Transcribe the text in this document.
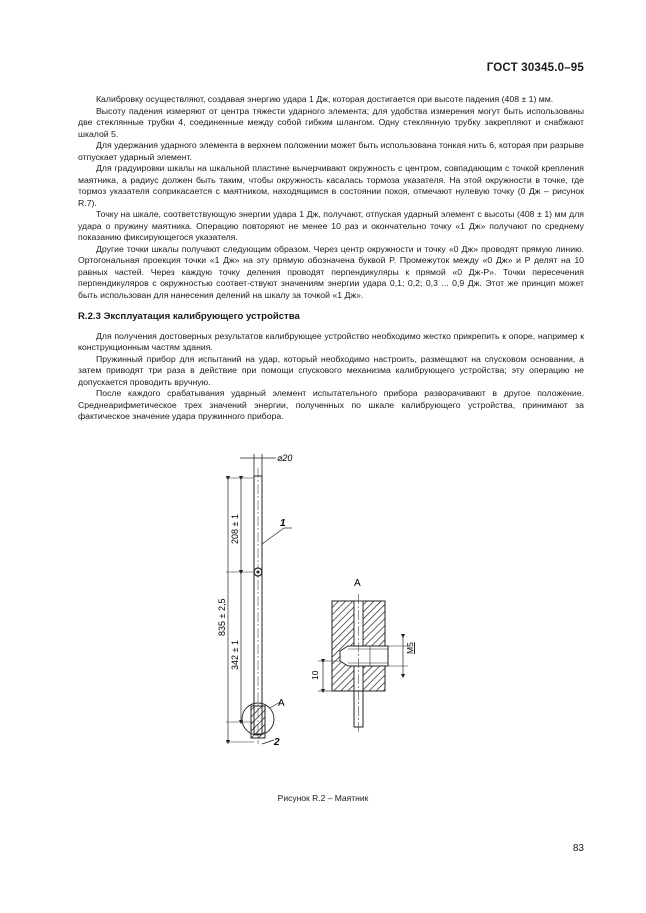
ГОСТ 30345.0–95

Калибровку осуществляют, создавая энергию удара 1 Дж, которая достигается при высоте падения (408 ± 1) мм.

Высоту падения измеряют от центра тяжести ударного элемента; для удобства измерения могут быть использованы две стеклянные трубки 4, соединенные между собой гибким шлангом. Одну стеклянную трубку закрепляют и снабжают шкалой 5.

Для удержания ударного элемента в верхнем положении может быть использована тонкая нить 6, которая при разрыве отпускает ударный элемент.

Для градуировки шкалы на шкальной пластине вычерчивают окружность с центром, совпадающим с точкой крепления маятника, а радиус должен быть таким, чтобы окружность касалась тормоза указателя. На этой окружности в точке, где тормоз указателя соприкасается с маятником, находящимся в состоянии покоя, отмечают нулевую точку (0 Дж – рисунок R.7).

Точку на шкале, соответствующую энергии удара 1 Дж, получают, отпуская ударный элемент с высоты (408 ± 1) мм для удара о пружину маятника. Операцию повторяют не менее 10 раз и окончательно точку «1 Дж» получают по среднему показанию фиксирующегося указателя.

Другие точки шкалы получают следующим образом. Через центр окружности и точку «0 Дж» проводят прямую линию. Ортогональная проекция точки «1 Дж» на эту прямую обозначена буквой P. Промежуток между «0 Дж» и P делят на 10 равных частей. Через каждую точку деления проводят перпендикуляры к прямой «0 Дж-P». Точки пересечения перпендикуляров с окружностью соответ-ствуют значениям энергии удара 0,1; 0,2; 0,3 ... 0,9 Дж. Этот же принцип может быть использован для нанесения делений на шкалу за точкой «1 Дж».

R.2.3 Эксплуатация калибрующего устройства

Для получения достоверных результатов калибрующее устройство необходимо жестко прикрепить к опоре, например к конструкционным частям здания.

Пружинный прибор для испытаний на удар, который необходимо настроить, размещают на спусковом основании, а затем приводят три раза в действие при помощи спускового механизма калибрующего устройства; эту операцию не допускается проводить вручную.

После каждого срабатывания ударный элемент испытательного прибора разворачивают в другое положение. Среднеарифметическое трех значений энергии, полученных по шкале калибрующего устройства, принимают за фактическое значение удара пружинного прибора.

⌀20
208 ± 1
342 ± 1
835 ± 2,5
1
А
2
А
M5
10
Рисунок R.2 – Маятник
83
